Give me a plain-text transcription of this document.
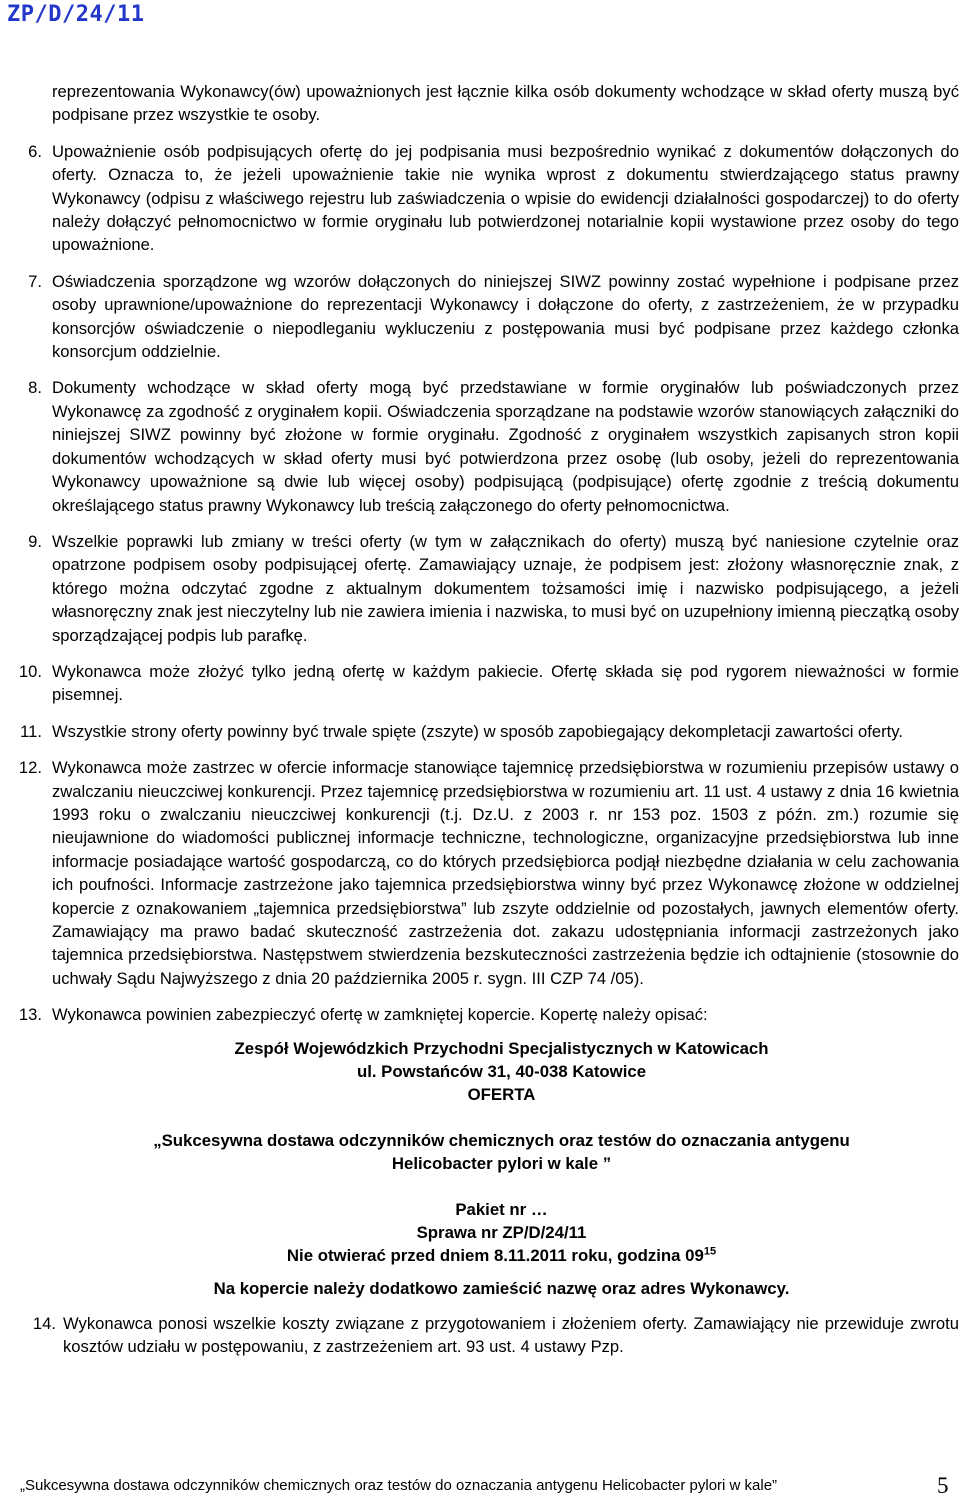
ZP/D/24/11
reprezentowania Wykonawcy(ów) upoważnionych jest łącznie kilka osób dokumenty wchodzące w skład oferty muszą być podpisane przez wszystkie te osoby.
6. Upoważnienie osób podpisujących ofertę do jej podpisania musi bezpośrednio wynikać z dokumentów dołączonych do oferty. Oznacza to, że jeżeli upoważnienie takie nie wynika wprost z dokumentu stwierdzającego status prawny Wykonawcy (odpisu z właściwego rejestru lub zaświadczenia o wpisie do ewidencji działalności gospodarczej) to do oferty należy dołączyć pełnomocnictwo w formie oryginału lub potwierdzonej notarialnie kopii wystawione przez osoby do tego upoważnione.
7. Oświadczenia sporządzone wg wzorów dołączonych do niniejszej SIWZ powinny zostać wypełnione i podpisane przez osoby uprawnione/upoważnione do reprezentacji Wykonawcy i dołączone do oferty, z zastrzeżeniem, że w przypadku konsorcjów oświadczenie o niepodleganiu wykluczeniu z postępowania musi być podpisane przez każdego członka konsorcjum oddzielnie.
8. Dokumenty wchodzące w skład oferty mogą być przedstawiane w formie oryginałów lub poświadczonych przez Wykonawcę za zgodność z oryginałem kopii. Oświadczenia sporządzane na podstawie wzorów stanowiących załączniki do niniejszej SIWZ powinny być złożone w formie oryginału. Zgodność z oryginałem wszystkich zapisanych stron kopii dokumentów wchodzących w skład oferty musi być potwierdzona przez osobę (lub osoby, jeżeli do reprezentowania Wykonawcy upoważnione są dwie lub więcej osoby) podpisującą (podpisujące) ofertę zgodnie z treścią dokumentu określającego status prawny Wykonawcy lub treścią załączonego do oferty pełnomocnictwa.
9. Wszelkie poprawki lub zmiany w treści oferty (w tym w załącznikach do oferty) muszą być naniesione czytelnie oraz opatrzone podpisem osoby podpisującej ofertę. Zamawiający uznaje, że podpisem jest: złożony własnoręcznie znak, z którego można odczytać zgodne z aktualnym dokumentem tożsamości imię i nazwisko podpisującego, a jeżeli własnoręczny znak jest nieczytelny lub nie zawiera imienia i nazwiska, to musi być on uzupełniony imienną pieczątką osoby sporządzającej podpis lub parafkę.
10. Wykonawca może złożyć tylko jedną ofertę w każdym pakiecie. Ofertę składa się pod rygorem nieważności w formie pisemnej.
11. Wszystkie strony oferty powinny być trwale spięte (zszyte) w sposób zapobiegający dekompletacji zawartości oferty.
12. Wykonawca może zastrzec w ofercie informacje stanowiące tajemnicę przedsiębiorstwa w rozumieniu przepisów ustawy o zwalczaniu nieuczciwej konkurencji. Przez tajemnicę przedsiębiorstwa w rozumieniu art. 11 ust. 4 ustawy z dnia 16 kwietnia 1993 roku o zwalczaniu nieuczciwej konkurencji (t.j. Dz.U. z 2003 r. nr 153 poz. 1503 z późn. zm.) rozumie się nieujawnione do wiadomości publicznej informacje techniczne, technologiczne, organizacyjne przedsiębiorstwa lub inne informacje posiadające wartość gospodarczą, co do których przedsiębiorca podjął niezbędne działania w celu zachowania ich poufności. Informacje zastrzeżone jako tajemnica przedsiębiorstwa winny być przez Wykonawcę złożone w oddzielnej kopercie z oznakowaniem „tajemnica przedsiębiorstwa” lub zszyte oddzielnie od pozostałych, jawnych elementów oferty. Zamawiający ma prawo badać skuteczność zastrzeżenia dot. zakazu udostępniania informacji zastrzeżonych jako tajemnica przedsiębiorstwa. Następstwem stwierdzenia bezskuteczności zastrzeżenia będzie ich odtajnienie (stosownie do uchwały Sądu Najwyższego z dnia 20 października 2005 r. sygn. III CZP 74 /05).
13. Wykonawca powinien zabezpieczyć ofertę w zamkniętej kopercie. Kopertę należy opisać:
Zespół Wojewódzkich Przychodni Specjalistycznych w Katowicach
ul. Powstańców 31, 40-038 Katowice
OFERTA
„Sukcesywna dostawa odczynników chemicznych oraz testów do oznaczania antygenu
Helicobacter pylori w kale ”
Pakiet nr …
Sprawa nr ZP/D/24/11
Nie otwierać przed dniem 8.11.2011 roku, godzina $09^{15}$
Na kopercie należy dodatkowo zamieścić nazwę oraz adres Wykonawcy.
14. Wykonawca ponosi wszelkie koszty związane z przygotowaniem i złożeniem oferty. Zamawiający nie przewiduje zwrotu kosztów udziału w postępowaniu, z zastrzeżeniem art. 93 ust. 4 ustawy Pzp.
„Sukcesywna dostawa odczynników chemicznych oraz testów do oznaczania antygenu Helicobacter pylori w kale”	5
